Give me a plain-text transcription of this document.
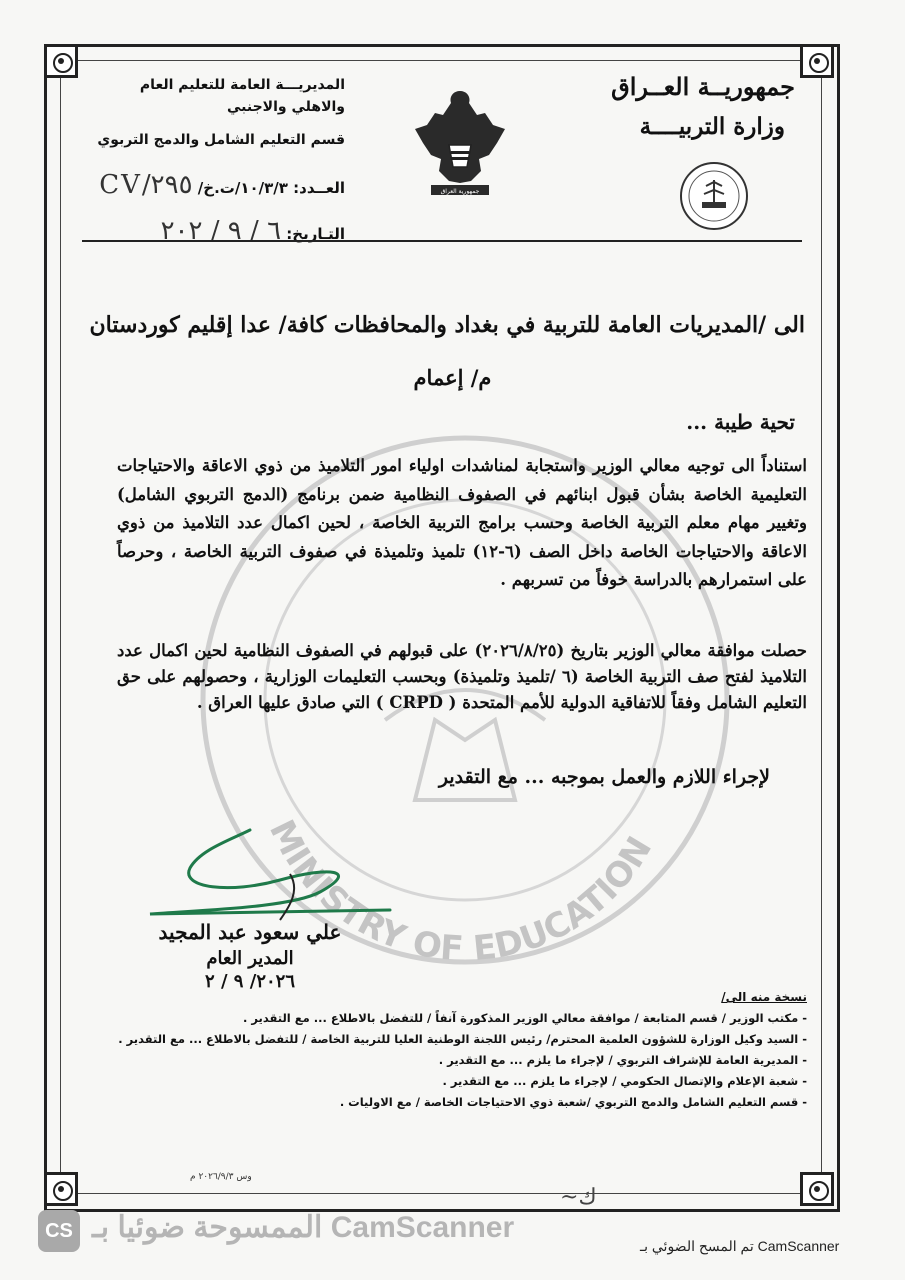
MINISTRY OF EDUCATION
جمهوريــة العــراق
وزارة التربيــــة
جمهورية العراق
المديريـــة العامة للتعليم العام والاهلي والاجنبي
قسم التعليم الشامل والدمج التربوي
العــدد: ١٠/٣/٣/ت.خ/ ٢٩٥/CV
التـاريخ: ٦ / ٩ / ٢٠٢
الى /المديريات العامة للتربية في بغداد والمحافظات كافة/ عدا إقليم كوردستان
م/ إعمام
تحية طيبة ...
استناداً الى توجيه معالي الوزير واستجابة لمناشدات اولياء امور التلاميذ من ذوي الاعاقة والاحتياجات التعليمية الخاصة بشأن قبول ابنائهم في الصفوف النظامية ضمن برنامج (الدمج التربوي الشامل) وتغيير مهام معلم التربية الخاصة وحسب برامج التربية الخاصة ، لحين اكمال عدد التلاميذ من ذوي الاعاقة والاحتياجات الخاصة داخل الصف (٦-١٢) تلميذ وتلميذة في صفوف التربية الخاصة ، وحرصاً على استمرارهم بالدراسة خوفاً من تسربهم .
حصلت موافقة معالي الوزير بتاريخ (٢٠٢٦/٨/٢٥) على قبولهم في الصفوف النظامية لحين اكمال عدد التلاميذ لفتح صف التربية الخاصة (٦ /تلميذ وتلميذة) وبحسب التعليمات الوزارية ، وحصولهم على حق التعليم الشامل وفقاً للاتفاقية الدولية للأمم المتحدة ( CRPD ) التي صادق عليها العراق .
لإجراء اللازم والعمل بموجبه ... مع التقدير
علي سعود عبد المجيد
المدير العام
٢٠٢٦/ ٩ / ٢
نسخة منه الى/
- مكتب الوزير / قسم المتابعة / موافقة معالي الوزير المذكورة آنفاً / للتفضل بالاطلاع ... مع التقدير .
- السيد وكيل الوزارة للشؤون العلمية المحترم/ رئيس اللجنة الوطنية العليا للتربية الخاصة / للتفضل بالاطلاع ... مع التقدير .
- المديرية العامة للإشراف التربوي / لإجراء ما يلزم ... مع التقدير .
- شعبة الإعلام والإتصال الحكومي / لإجراء ما يلزم ... مع التقدير .
- قسم التعليم الشامل والدمج التربوي /شعبة ذوي الاحتياجات الخاصة / مع الاوليات .
وس ٢٠٢٦/٩/٣ م
~ك
CS الممسوحة ضوئيا بـ CamScanner
تم المسح الضوئي بـ CamScanner
